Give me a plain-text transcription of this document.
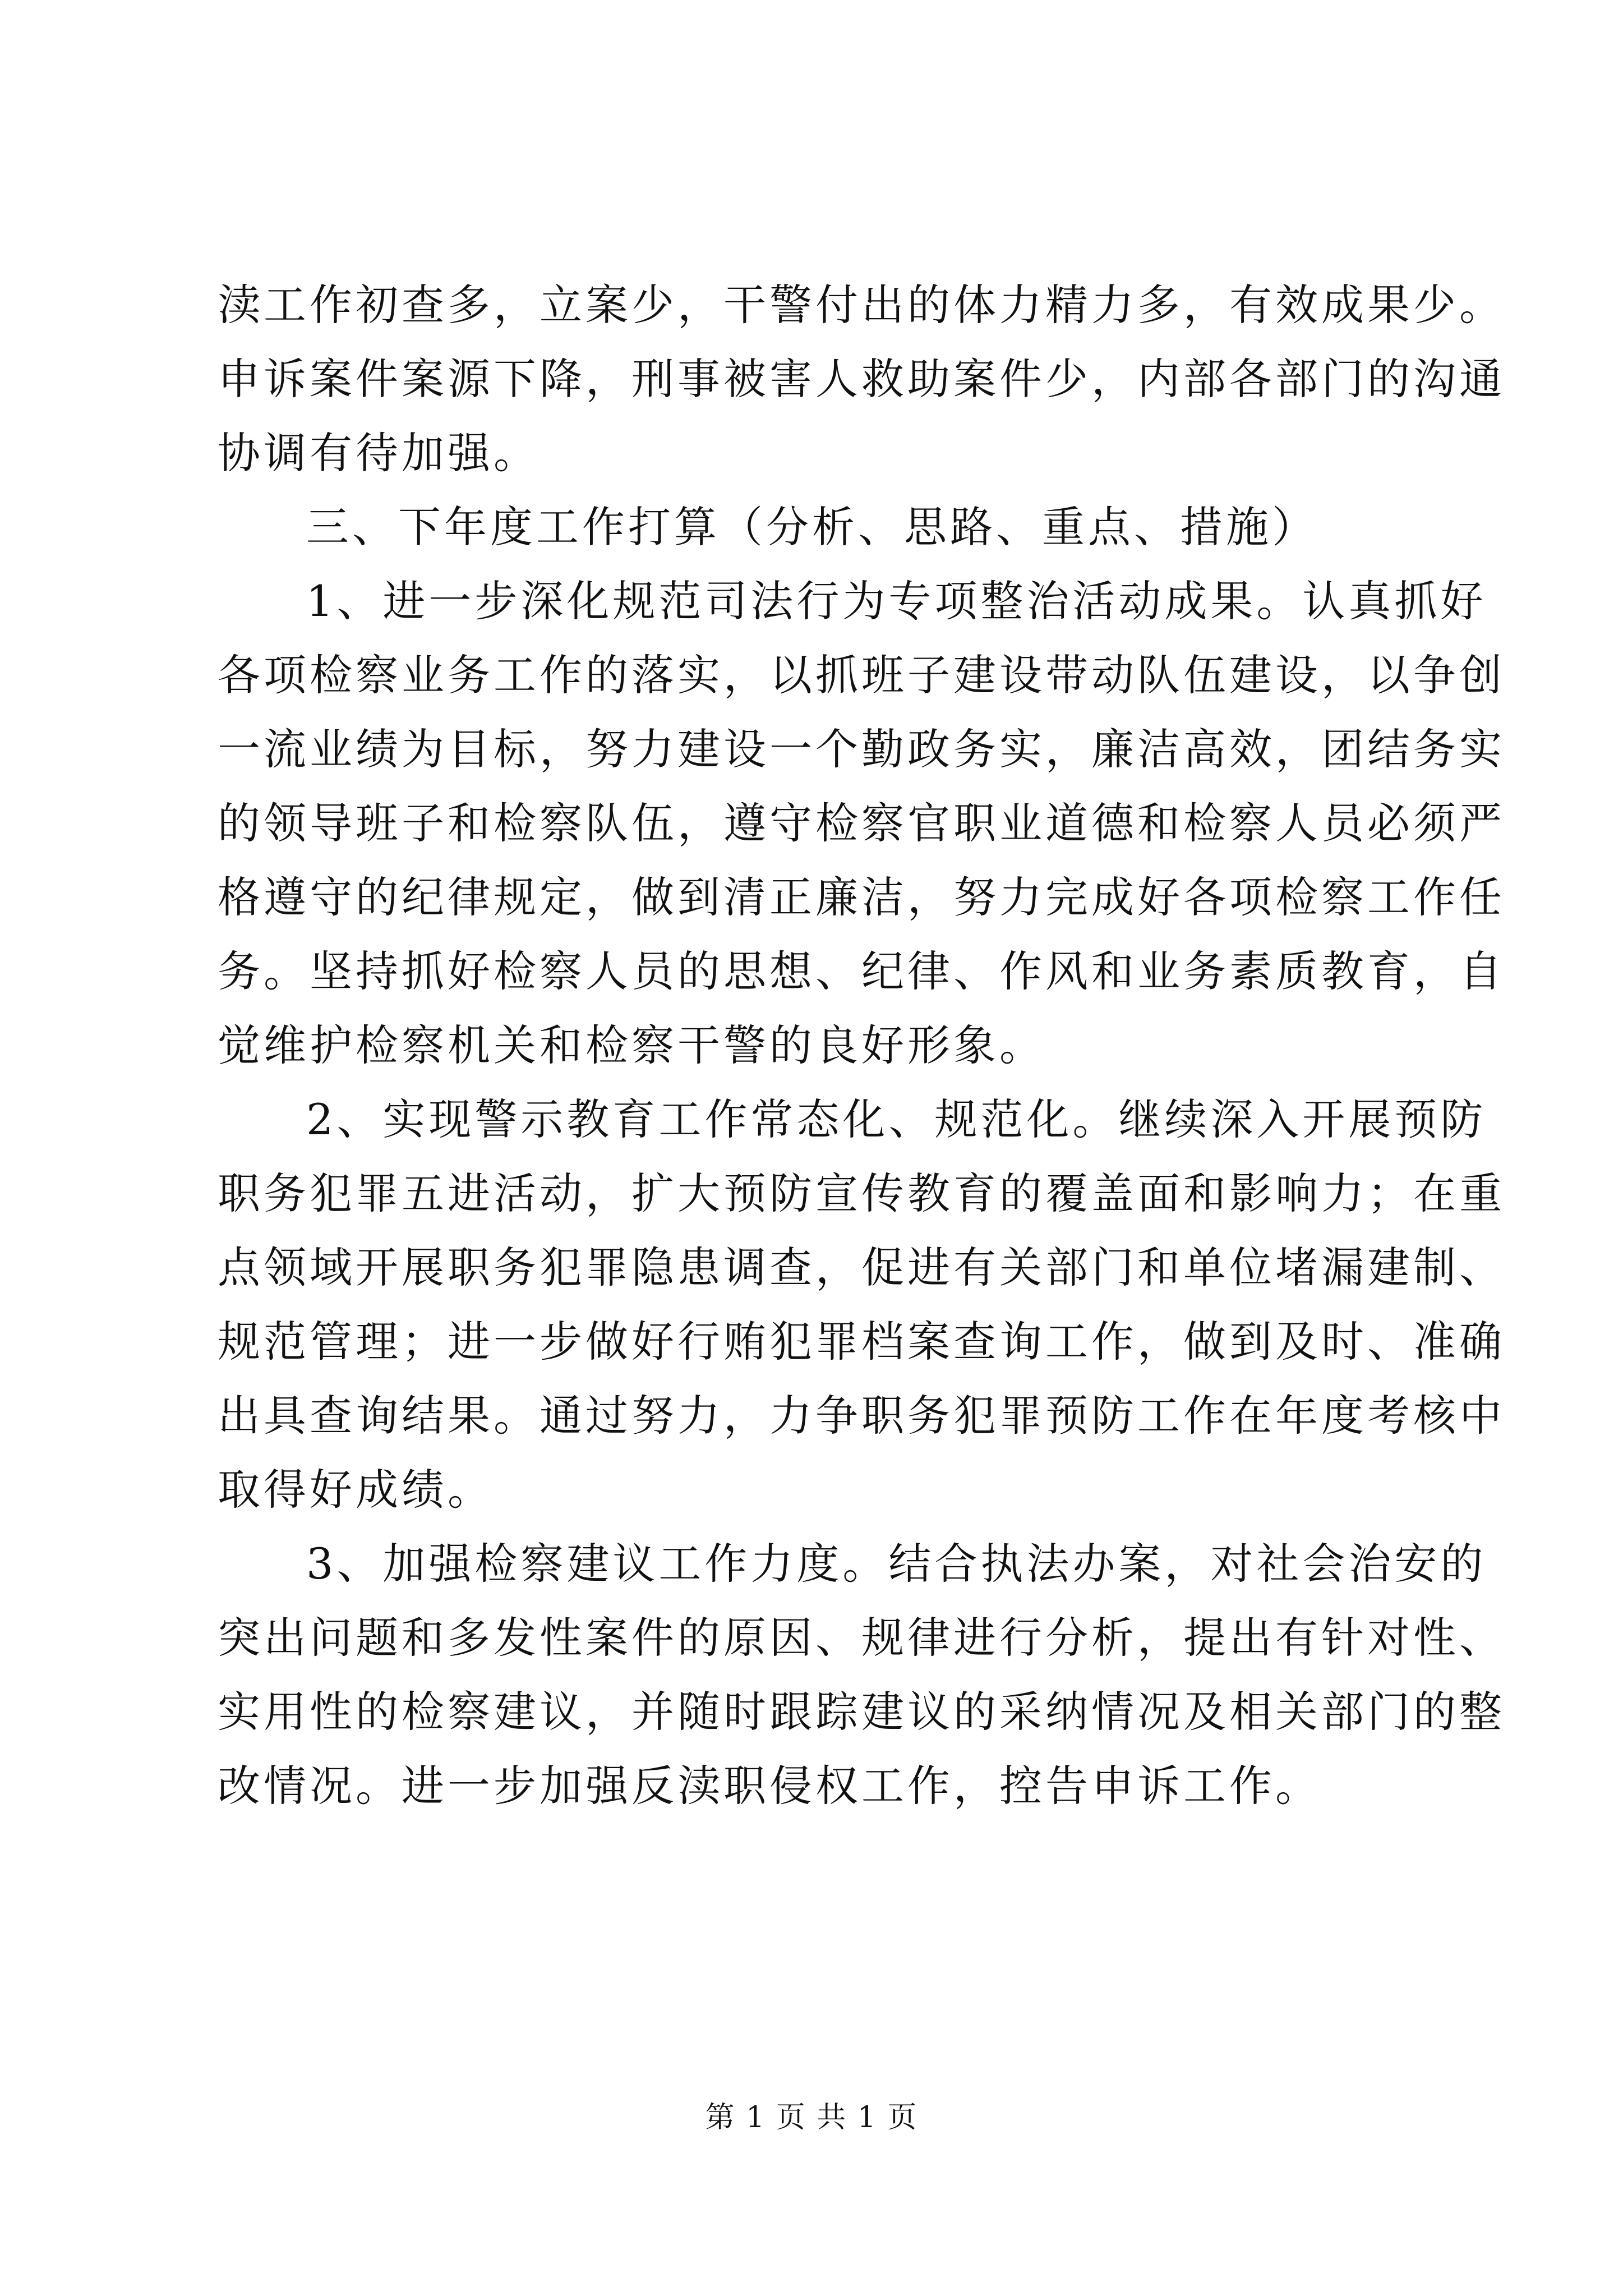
渎工作初查多，立案少，干警付出的体力精力多，有效成果少。
申诉案件案源下降，刑事被害人救助案件少，内部各部门的沟通
协调有待加强。
三、下年度工作打算（分析、思路、重点、措施）
1、进一步深化规范司法行为专项整治活动成果。认真抓好
各项检察业务工作的落实，以抓班子建设带动队伍建设，以争创
一流业绩为目标，努力建设一个勤政务实，廉洁高效，团结务实
的领导班子和检察队伍，遵守检察官职业道德和检察人员必须严
格遵守的纪律规定，做到清正廉洁，努力完成好各项检察工作任
务。坚持抓好检察人员的思想、纪律、作风和业务素质教育，自
觉维护检察机关和检察干警的良好形象。
2、实现警示教育工作常态化、规范化。继续深入开展预防
职务犯罪五进活动，扩大预防宣传教育的覆盖面和影响力；在重
点领域开展职务犯罪隐患调查，促进有关部门和单位堵漏建制、
规范管理；进一步做好行贿犯罪档案查询工作，做到及时、准确
出具查询结果。通过努力，力争职务犯罪预防工作在年度考核中
取得好成绩。
3、加强检察建议工作力度。结合执法办案，对社会治安的
突出问题和多发性案件的原因、规律进行分析，提出有针对性、
实用性的检察建议，并随时跟踪建议的采纳情况及相关部门的整
改情况。进一步加强反渎职侵权工作，控告申诉工作。
第 1 页 共 1 页
